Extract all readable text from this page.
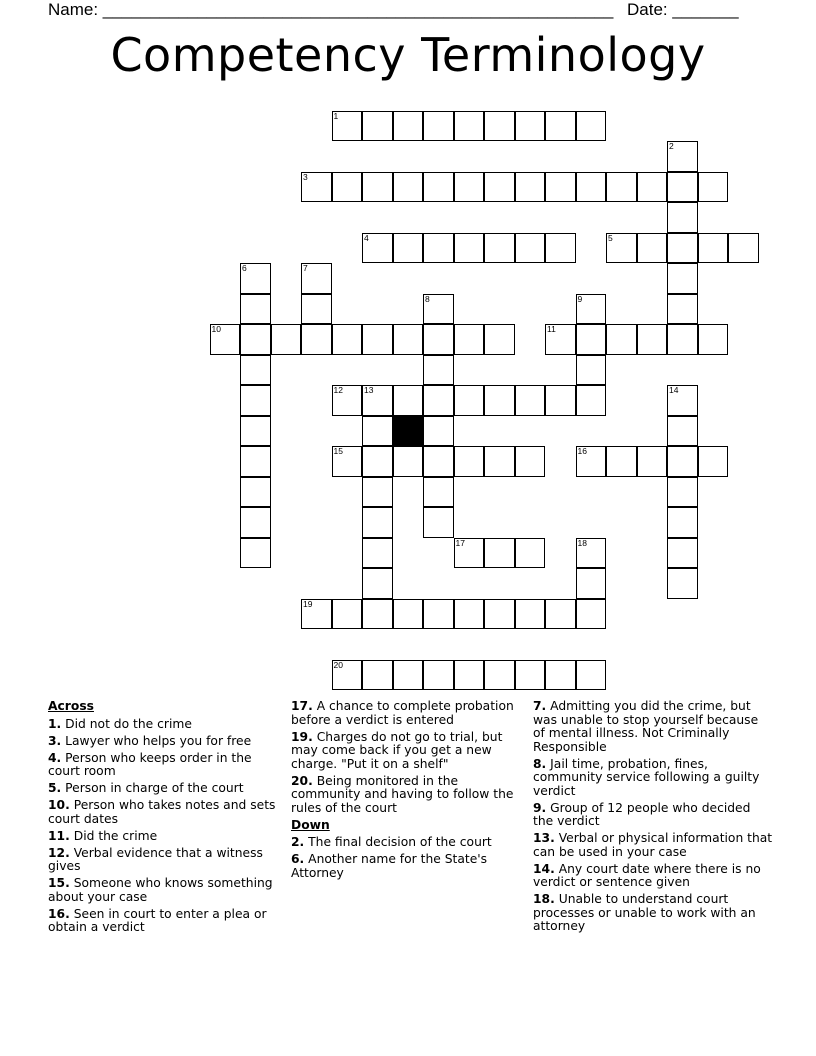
Name: ______________________________________________________ Date: _______
Competency Terminology
1
2
3
4	5
6	7
8	9
10	11
12 13	14
15	16
17	18
19
20
Across
1. Did not do the crime
3. Lawyer who helps you for free
4. Person who keeps order in the court room
5. Person in charge of the court
10. Person who takes notes and sets court dates
11. Did the crime
12. Verbal evidence that a witness gives
15. Someone who knows something about your case
16. Seen in court to enter a plea or obtain a verdict
17. A chance to complete probation before a verdict is entered
19. Charges do not go to trial, but may come back if you get a new charge. "Put it on a shelf"
20. Being monitored in the community and having to follow the rules of the court
Down
2. The final decision of the court
6. Another name for the State's Attorney
7. Admitting you did the crime, but was unable to stop yourself because of mental illness. Not Criminally Responsible
8. Jail time, probation, fines, community service following a guilty verdict
9. Group of 12 people who decided the verdict
13. Verbal or physical information that can be used in your case
14. Any court date where there is no verdict or sentence given
18. Unable to understand court processes or unable to work with an attorney
